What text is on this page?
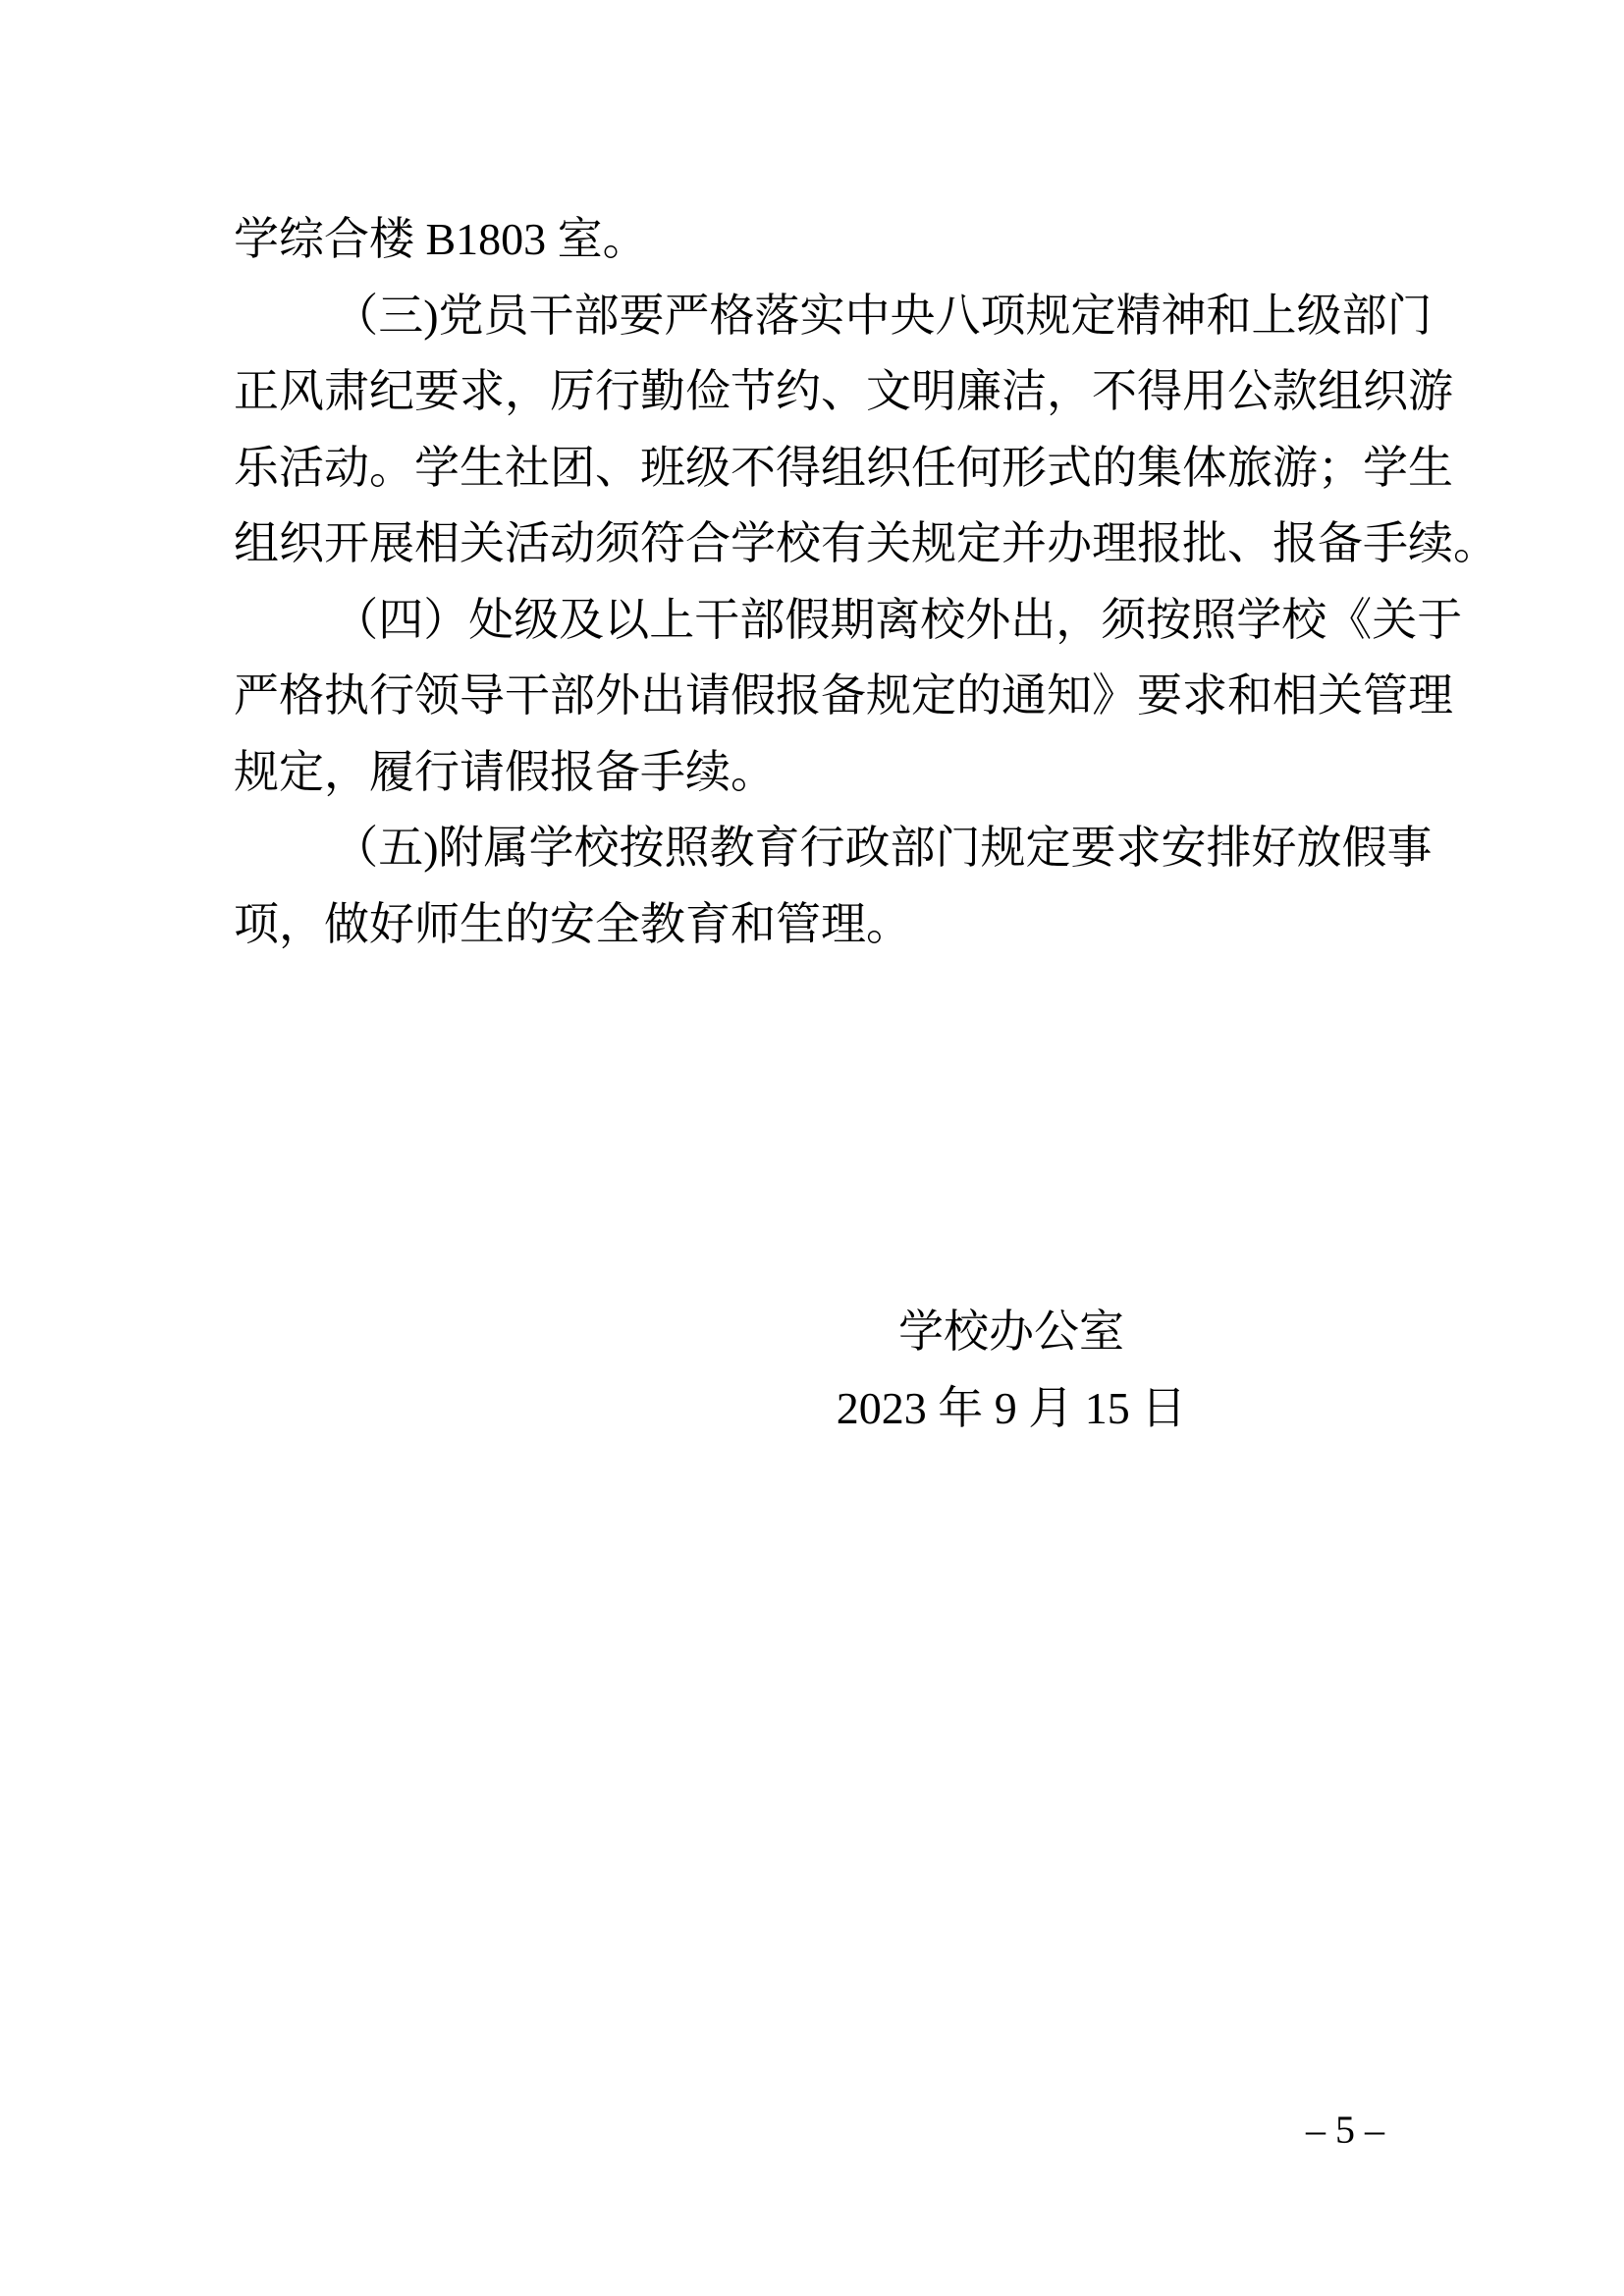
学综合楼 B1803 室。
（三)党员干部要严格落实中央八项规定精神和上级部门
正风肃纪要求，厉行勤俭节约、文明廉洁，不得用公款组织游
乐活动。学生社团、班级不得组织任何形式的集体旅游；学生
组织开展相关活动须符合学校有关规定并办理报批、报备手续。
（四）处级及以上干部假期离校外出，须按照学校《关于
严格执行领导干部外出请假报备规定的通知》要求和相关管理
规定，履行请假报备手续。
（五)附属学校按照教育行政部门规定要求安排好放假事
项，做好师生的安全教育和管理。
学校办公室
2023 年 9 月 15 日
– 5 –
